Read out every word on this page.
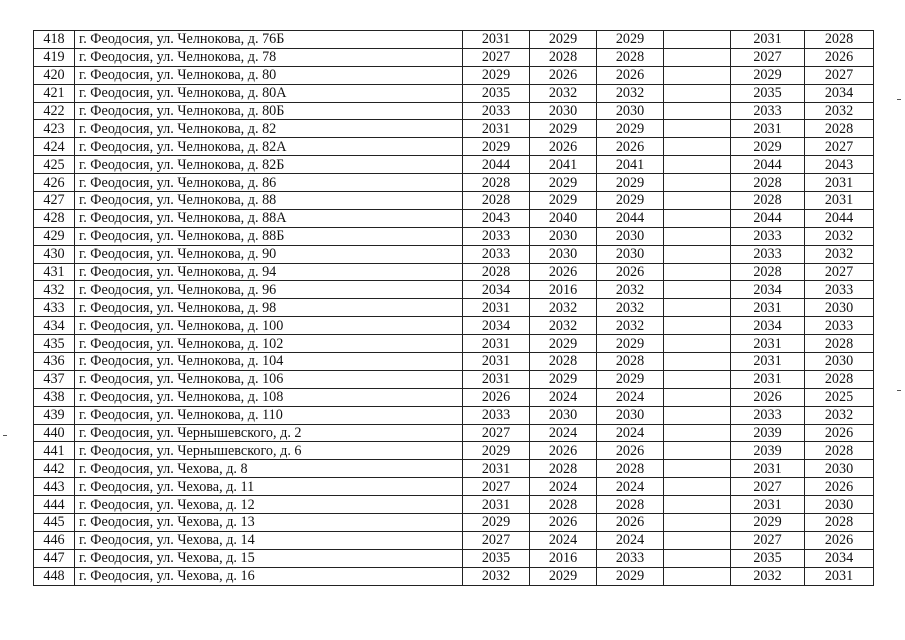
418	г. Феодосия, ул. Челнокова, д. 76Б	2031	2029	2029		2031	2028
419	г. Феодосия, ул. Челнокова, д. 78	2027	2028	2028		2027	2026
420	г. Феодосия, ул. Челнокова, д. 80	2029	2026	2026		2029	2027
421	г. Феодосия, ул. Челнокова, д. 80А	2035	2032	2032		2035	2034
422	г. Феодосия, ул. Челнокова, д. 80Б	2033	2030	2030		2033	2032
423	г. Феодосия, ул. Челнокова, д. 82	2031	2029	2029		2031	2028
424	г. Феодосия, ул. Челнокова, д. 82А	2029	2026	2026		2029	2027
425	г. Феодосия, ул. Челнокова, д. 82Б	2044	2041	2041		2044	2043
426	г. Феодосия, ул. Челнокова, д. 86	2028	2029	2029		2028	2031
427	г. Феодосия, ул. Челнокова, д. 88	2028	2029	2029		2028	2031
428	г. Феодосия, ул. Челнокова, д. 88А	2043	2040	2044		2044	2044
429	г. Феодосия, ул. Челнокова, д. 88Б	2033	2030	2030		2033	2032
430	г. Феодосия, ул. Челнокова, д. 90	2033	2030	2030		2033	2032
431	г. Феодосия, ул. Челнокова, д. 94	2028	2026	2026		2028	2027
432	г. Феодосия, ул. Челнокова, д. 96	2034	2016	2032		2034	2033
433	г. Феодосия, ул. Челнокова, д. 98	2031	2032	2032		2031	2030
434	г. Феодосия, ул. Челнокова, д. 100	2034	2032	2032		2034	2033
435	г. Феодосия, ул. Челнокова, д. 102	2031	2029	2029		2031	2028
436	г. Феодосия, ул. Челнокова, д. 104	2031	2028	2028		2031	2030
437	г. Феодосия, ул. Челнокова, д. 106	2031	2029	2029		2031	2028
438	г. Феодосия, ул. Челнокова, д. 108	2026	2024	2024		2026	2025
439	г. Феодосия, ул. Челнокова, д. 110	2033	2030	2030		2033	2032
440	г. Феодосия, ул. Чернышевского, д. 2	2027	2024	2024		2039	2026
441	г. Феодосия, ул. Чернышевского, д. 6	2029	2026	2026		2039	2028
442	г. Феодосия, ул. Чехова, д. 8	2031	2028	2028		2031	2030
443	г. Феодосия, ул. Чехова, д. 11	2027	2024	2024		2027	2026
444	г. Феодосия, ул. Чехова, д. 12	2031	2028	2028		2031	2030
445	г. Феодосия, ул. Чехова, д. 13	2029	2026	2026		2029	2028
446	г. Феодосия, ул. Чехова, д. 14	2027	2024	2024		2027	2026
447	г. Феодосия, ул. Чехова, д. 15	2035	2016	2033		2035	2034
448	г. Феодосия, ул. Чехова, д. 16	2032	2029	2029		2032	2031
